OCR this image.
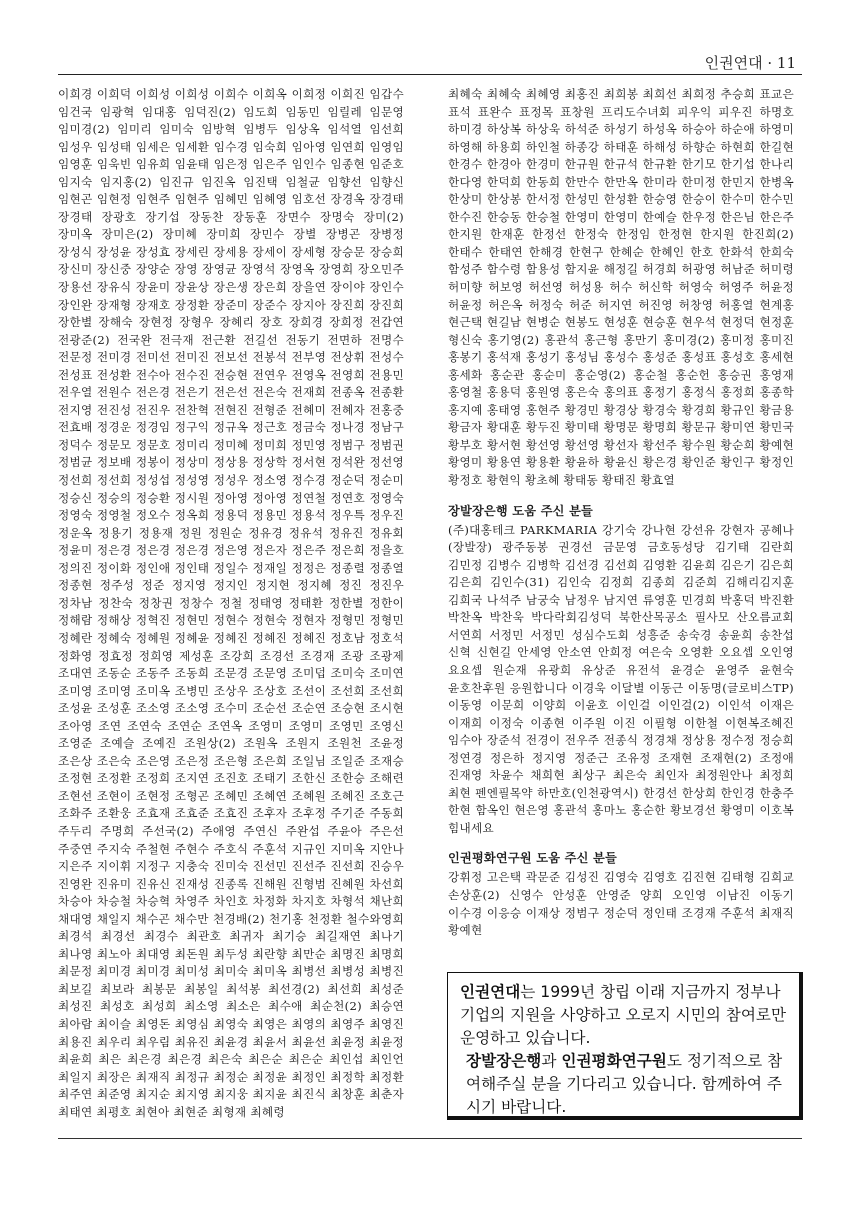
인권연대 · 11

이희경 이희덕 이희성 이희성 이희수 이희옥 이희정 이희진 임갑수 임건국 임광혁 임대홍 임덕진(2) 임도희 임동민 임릴레 임문영 임미경(2) 임미리 임미숙 임방혁 임병두 임상옥 임석열 임선희 임성우 임성태 임세은 임세환 임수경 임숙희 임아영 임연희 임영임 임영훈 임욱빈 임유희 임윤태 임은정 임은주 임인수 임종현 임준호 임지숙 임지홍(2) 임진규 임진옥 임진택 임철균 임향선 임향신 임현곤 임현정 임현주 임현주 임혜민 임혜영 임호선 장경옥 장경태 장경태 장광호 장기섭 장동찬 장동훈 장면수 장명숙 장미(2) 장미옥 장미은(2) 장미혜 장미희 장민수 장별 장병곤 장병정 장성식 장성윤 장성효 장세린 장세용 장세이 장세형 장승문 장승희 장신미 장신중 장양순 장영 장영균 장영석 장영옥 장영희 장오민주 장용선 장유식 장윤미 장윤상 장은생 장은희 장을연 장이야 장인수 장인완 장재형 장재호 장정환 장준미 장준수 장지아 장진희 장진희 장한별 장해숙 장현정 장형우 장혜리 장호 장희경 장희정 전갑연 전광준(2) 전국완 전극재 전근환 전길선 전동기 전면하 전명수 전문정 전미경 전미선 전미진 전보선 전봉석 전부영 전상휘 전성수 전성표 전성환 전수아 전수진 전승현 전연우 전영옥 전영희 전용민 전우열 전원수 전은경 전은기 전은선 전은숙 전재희 전종옥 전종환 전지영 전진성 전진우 전찬혁 전현진 전형준 전혜미 전혜자 전홍중 전효배 정경운 정경임 정구익 정규옥 정근호 정금숙 정나경 정남구 정덕수 정문모 정문호 정미리 정미혜 정미희 정민영 정범구 정범권 정범균 정보배 정봉이 정상미 정상용 정상학 정서현 정석완 정선영 정선희 정선희 정성섭 정성영 정성우 정소영 정수경 정순덕 정순미 정승신 정승의 정승환 정시원 정아영 정아영 정연철 정연호 정영숙 정영숙 정영철 정오수 정옥희 정용덕 정용민 정용석 정우특 정우진 정운옥 정용기 정용재 정원 정원순 정유경 정유석 정유진 정유회 정윤미 정은경 정은경 정은경 정은영 정은자 정은주 정은희 정을호 정의진 정이화 정인애 정인태 정일수 정재일 정정은 정종렬 정종열 정종현 정주성 정준 정지영 정지인 정지현 정지혜 정진 정진우 정차남 정찬숙 정창권 정창수 정철 정태영 정태환 정한별 정한이 정해람 정해상 정혁진 정현민 정현수 정현숙 정현자 정형민 정형민 정혜란 정혜숙 정혜원 정혜윤 정혜진 정혜진 정혜진 정호남 정호석 정화영 정효정 정희영 제성훈 조강희 조경선 조경재 조광 조광제 조대연 조동순 조동주 조동희 조문경 조문영 조미덥 조미숙 조미연 조미영 조미영 조미옥 조병민 조상우 조상호 조선이 조선희 조선희 조성윤 조성훈 조소영 조소영 조수미 조순선 조순연 조승현 조시현 조아영 조연 조연숙 조연순 조연옥 조영미 조영미 조영민 조영신 조영준 조예슬 조예진 조원상(2) 조원옥 조원지 조원천 조윤정 조은상 조은숙 조은영 조은정 조은형 조은희 조일님 조일준 조재승 조정현 조정환 조정희 조지연 조진호 조태기 조한신 조한승 조해련 조현선 조현이 조현정 조형곤 조혜민 조혜연 조혜원 조혜진 조호근 조화주 조환웅 조효재 조효준 조효진 조후자 조후정 주기준 주동희 주두리 주명희 주선국(2) 주애영 주연신 주완섭 주윤아 주은선 주중연 주지숙 주철현 주현수 주호식 주훈석 지규인 지미옥 지안나 지은주 지이휘 지정구 지충숙 진미숙 진선민 진선주 진선희 진승우 진영완 진유미 진유신 진재성 진종록 진해원 진형범 진혜원 차선희 차승아 차승철 차승혁 차영주 차인호 차정화 차지호 차형석 채난희 채대영 채일지 채수곤 채수만 천경배(2) 천기홍 천정환 철수와영희 최경석 최경선 최경수 최관호 최귀자 최기승 최길재연 최나기 최나영 최노아 최대영 최돈원 최두성 최란향 최만순 최명진 최명희 최문정 최미경 최미경 최미성 최미숙 최미옥 최병선 최병성 최병진 최보길 최보라 최봉문 최봉일 최석봉 최선경(2) 최선희 최성준 최성진 최성호 최성희 최소영 최소은 최수애 최순천(2) 최승연 최아람 최이슬 최영돈 최영심 최영숙 최영은 최영의 최영주 최영진 최용진 최우리 최우림 최유진 최윤경 최윤서 최윤선 최윤정 최윤정 최윤희 최은 최은경 최은경 최은숙 최은순 최은순 최인섭 최인언 최일지 최장은 최재직 최정규 최정순 최정윤 최정인 최정학 최정환 최주연 최준영 최지순 최지영 최지웅 최지윤 최진식 최창훈 최춘자 최태연 최평호 최현아 최현준 최형재 최혜령

최혜숙 최혜숙 최혜영 최홍진 최희봉 최희선 최희정 추승희 표교은 표석 표완수 표정목 표창원 프리도수녀회 피우익 피우진 하명호 하미경 하상복 하상욱 하석준 하성기 하성옥 하승아 하순애 하영미 하영해 하용희 하인철 하종강 하태훈 하해성 하향순 하현희 한길현 한경수 한경아 한경미 한규원 한규석 한규환 한기모 한기섭 한나리 한다영 한덕희 한동희 한만수 한만옥 한미라 한미정 한민지 한병옥 한상미 한상봉 한서정 한성민 한성환 한승영 한승이 한수미 한수민 한수진 한승동 한승철 한영미 한영미 한예슬 한우정 한은님 한은주 한지원 한재훈 한정선 한정숙 한정임 한정현 한지원 한진희(2) 한태수 한태연 한해경 한현구 한혜순 한혜인 한호 한화석 한희숙 함성주 함수령 함용성 함지윤 해정길 허경희 허광영 허남준 허미령 허미향 허보영 허선영 허성용 허수 허신학 허영숙 허영주 허윤정 허윤정 허은옥 허정숙 허준 허지연 허진영 허창영 허홍열 현계홍 현근택 현길남 현병순 현봉도 현성훈 현승훈 현우석 현정덕 현정훈 형신숙 홍기영(2) 홍관석 홍근형 홍만기 홍미경(2) 홍미정 홍미진 홍봉기 홍석재 홍성기 홍성님 홍성수 홍성준 홍성표 홍성호 홍세현 홍세화 홍순관 홍순미 홍순영(2) 홍순철 홍순헌 홍승권 홍영재 홍영철 홍용덕 홍원영 홍은숙 홍의표 홍정기 홍정식 홍정희 홍종학 홍지예 홍태영 홍현주 황경민 황경상 황경숙 황경희 황규인 황금용 황금자 황대훈 황두진 황미태 황명문 황명희 황문규 황미연 황민국 황부호 황서현 황선영 황선영 황선자 황선주 황수원 황순희 황예현 황영미 황용연 황용환 황윤하 황윤신 황은경 황인준 황인구 황정인 황정호 황현익 황초혜 황태동 황태진 황효열

장발장은행 도움 주신 분들

(주)대홍테크 PARKMARIA 강기숙 강나현 강선유 강현자 공혜나(장발장) 광주동봉 권경선 금문영 금호동성당 김기태 김란희 김민정 김병수 김병학 김선경 김선희 김영환 김윤희 김은기 김은희 김은희 김인수(31) 김인숙 김정희 김종희 김준희 김해리김지훈 김희국 나석주 남궁숙 남정우 남지연 류영훈 민경희 박홍덕 박진환 박찬옥 박찬욱 박다락회김성덕 북한산목공소 필사모 산오름교회 서연희 서정민 서정민 성심수도회 성흥준 송숙경 송윤희 송찬섭 신혁 신현길 안세영 안소연 안희정 여은숙 오영환 오요셉 오인영 요요셉 원순재 유광희 유상준 유전석 윤경순 윤영주 윤현숙 윤호찬후원 응원합니다 이경욱 이달별 이동근 이동명(글로비스TP) 이동영 이문희 이양희 이윤호 이인걸 이인걸(2) 이인석 이재은 이재희 이정숙 이종현 이주원 이진 이필형 이한철 이현복조혜진 임수아 장준석 전경이 전우주 전종식 정경채 정상용 정수정 정승희 정연경 정은하 정지영 정준근 조유정 조재현 조재현(2) 조정애 진재영 차윤수 채희현 최상구 최은숙 최인자 최정원안나 최정희 최현 펜엔필목약 하만호(인천광역시) 한경선 한상희 한인경 한충주 한현 함옥인 현은영 홍관석 홍마노 홍순한 황보경선 황영미 이호복 힘내세요

인권평화연구원 도움 주신 분들

강휘정 고은택 곽문준 김성진 김영숙 김영호 김진현 김태형 김희교 손상훈(2) 신영수 안성훈 안영준 양희 오인영 이남진 이동기 이수경 이응승 이재상 정범구 정순덕 정인태 조경재 주훈석 최재직 황예현

인권연대는 1999년 창립 이래 지금까지 정부나 기업의 지원을 사양하고 오로지 시민의 참여로만 운영하고 있습니다.

장발장은행과 인권평화연구원도 정기적으로 참여해주실 분을 기다리고 있습니다. 함께하여 주시기 바랍니다.
